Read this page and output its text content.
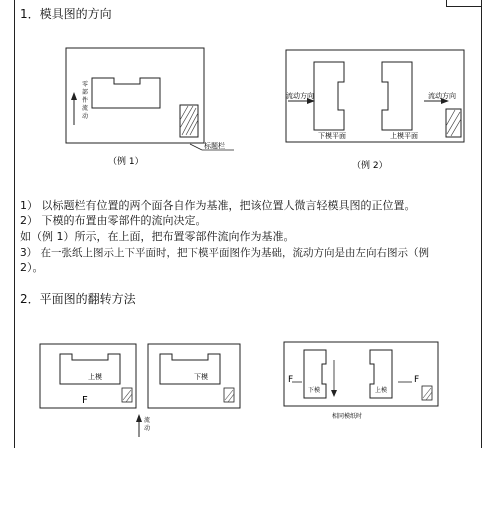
1．模具图的方向
零
部
件
流
动
标题栏
（例 1）
下模平面	上模平面
流动方向	流动方向
（例 2）
1） 以标题栏有位置的两个面各自作为基准，把该位置人微言轻模具图的正位置。
2） 下模的布置由零部件的流向决定。
如（例 1）所示，在上面，把布置零部件流向作为基准。
3） 在一张纸上图示上下平面时，把下模平面图作为基础，流动方向是由左向右图示（例
2）。
2．平面图的翻转方法
上模
F
下模
流
动
下模	上模
F	F
相同模纸时
